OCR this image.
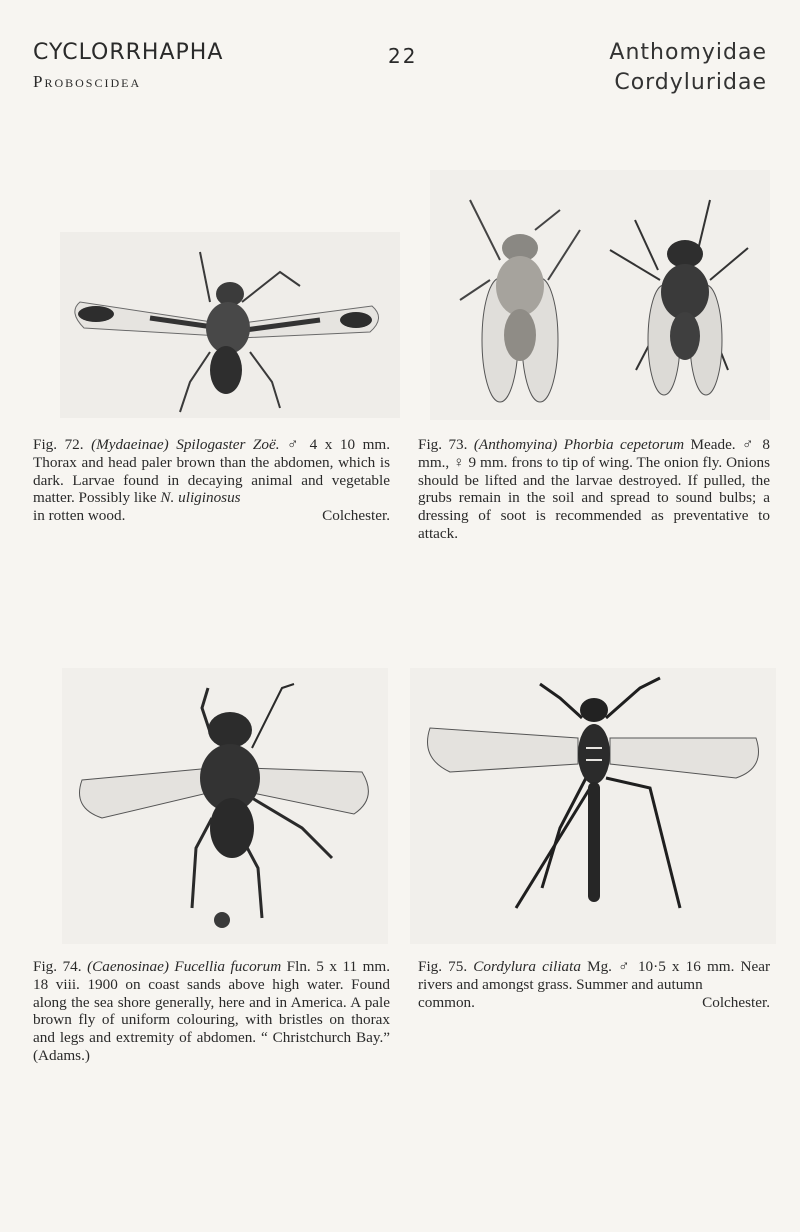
CYCLORRHAPHA
Proboscidea
22	Anthomyidae
Cordyluridae

Fig. 72. (Mydaeinae) Spilogaster Zoë. ♂ 4 x 10 mm. Thorax and head paler brown than the abdomen, which is dark. Larvae found in decaying animal and vegetable matter. Possibly like N. uliginosus

in rotten wood.	Colchester.

Fig. 73. (Anthomyina) Phorbia cepetorum Meade. ♂ 8 mm., ♀ 9 mm. frons to tip of wing. The onion fly. Onions should be lifted and the larvae destroyed. If pulled, the grubs remain in the soil and spread to sound bulbs; a dressing of soot is recommended as preventative to attack.

Fig. 74. (Caenosinae) Fucellia fucorum Fln. 5 x 11 mm. 18 viii. 1900 on coast sands above high water. Found along the sea shore generally, here and in America. A pale brown fly of uniform colouring, with bristles on thorax and legs and extremity of abdomen. “ Christchurch Bay.” (Adams.)

Fig. 75. Cordylura ciliata Mg. ♂ 10·5 x 16 mm. Near rivers and amongst grass. Summer and autumn

common.	Colchester.
